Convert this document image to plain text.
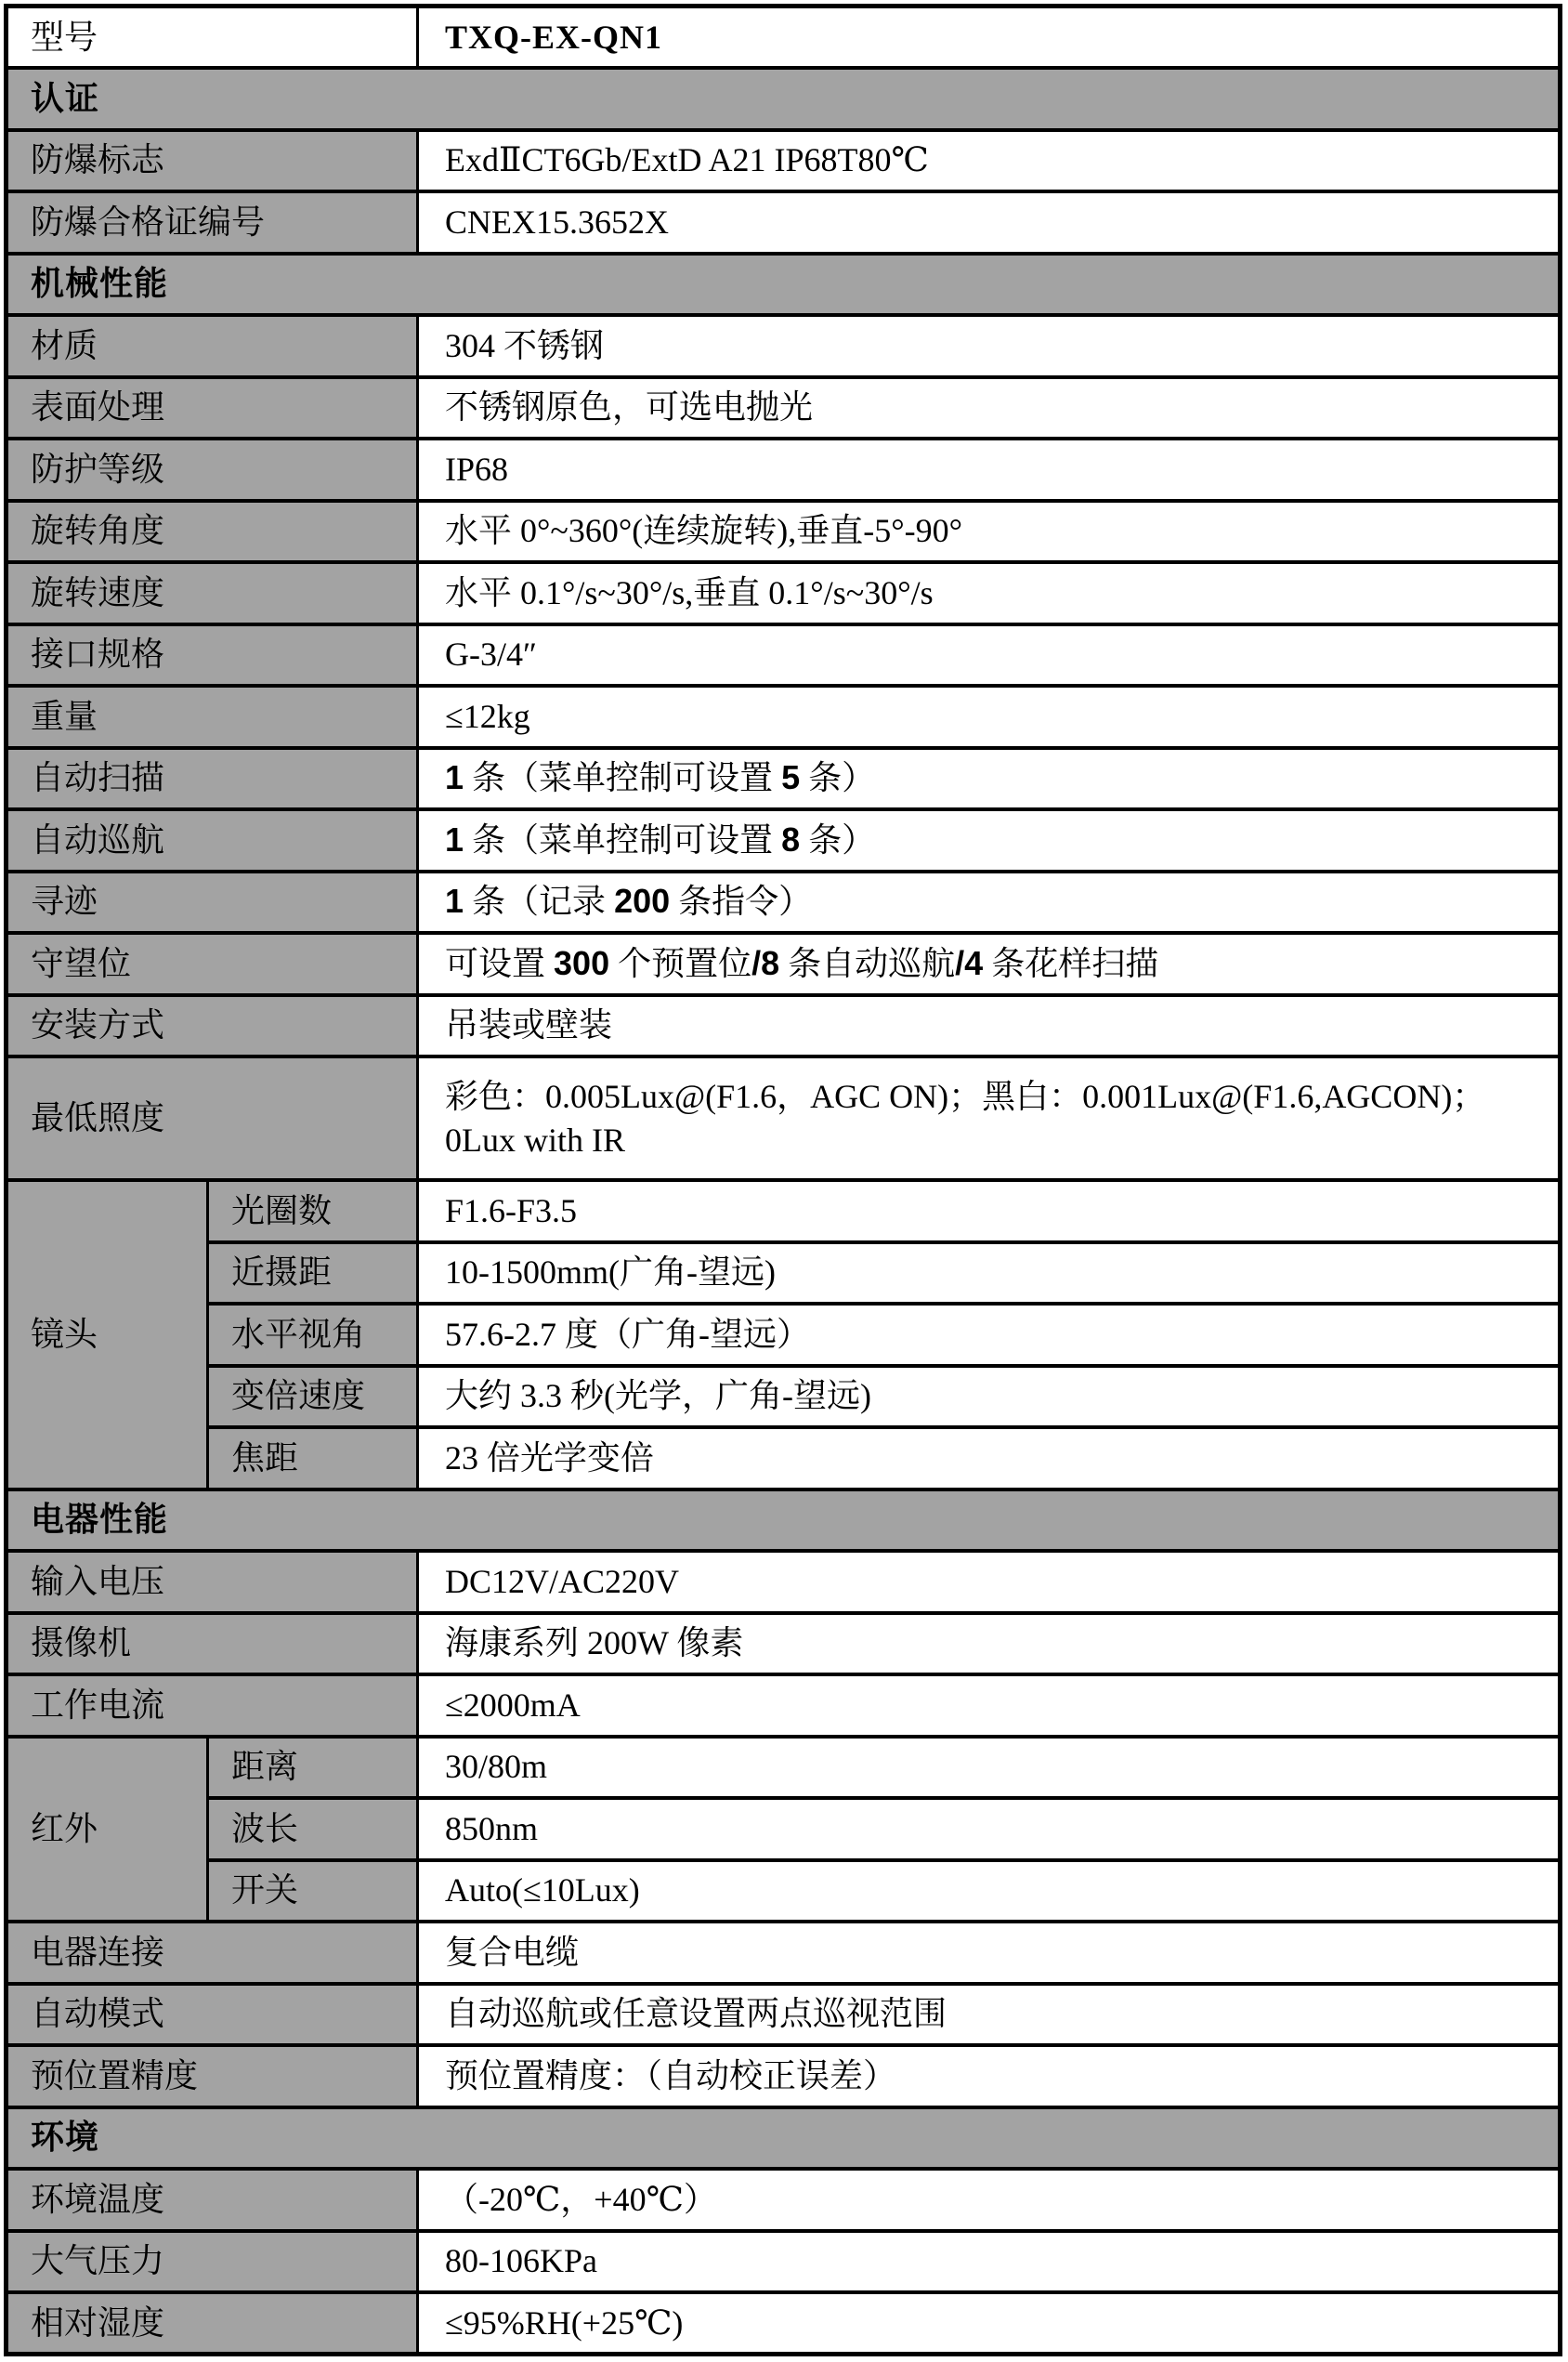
型号		TXQ-EX-QN1
认证		
防爆标志		ExdⅡCT6Gb/ExtD A21 IP68T80℃
防爆合格证编号		CNEX15.3652X
机械性能		
材质		304 不锈钢
表面处理		不锈钢原色，可选电抛光
防护等级		IP68
旋转角度		水平 0°~360°(连续旋转),垂直-5°-90°
旋转速度		水平 0.1°/s~30°/s,垂直 0.1°/s~30°/s
接口规格		G-3/4″
重量		≤12kg
自动扫描		1 条（菜单控制可设置 5 条）
自动巡航		1 条（菜单控制可设置 8 条）
寻迹		1 条（记录 200 条指令）
守望位		可设置 300 个预置位/8 条自动巡航/4 条花样扫描
安装方式		吊装或壁装
最低照度		彩色：0.005Lux@(F1.6，AGC ON)；黑白：0.001Lux@(F1.6,AGCON)；0Lux with IR
镜头	光圈数	F1.6-F3.5
	近摄距	10-1500mm(广角-望远)
	水平视角	57.6-2.7 度（广角-望远）
	变倍速度	大约 3.3 秒(光学，广角-望远)
	焦距	23 倍光学变倍
电器性能		
输入电压		DC12V/AC220V
摄像机		海康系列 200W 像素
工作电流		≤2000mA
红外	距离	30/80m
	波长	850nm
	开关	Auto(≤10Lux)
电器连接		复合电缆
自动模式		自动巡航或任意设置两点巡视范围
预位置精度		预位置精度：（自动校正误差）
环境		
环境温度		（-20℃，+40℃）
大气压力		80-106KPa
相对湿度		≤95%RH(+25℃)
